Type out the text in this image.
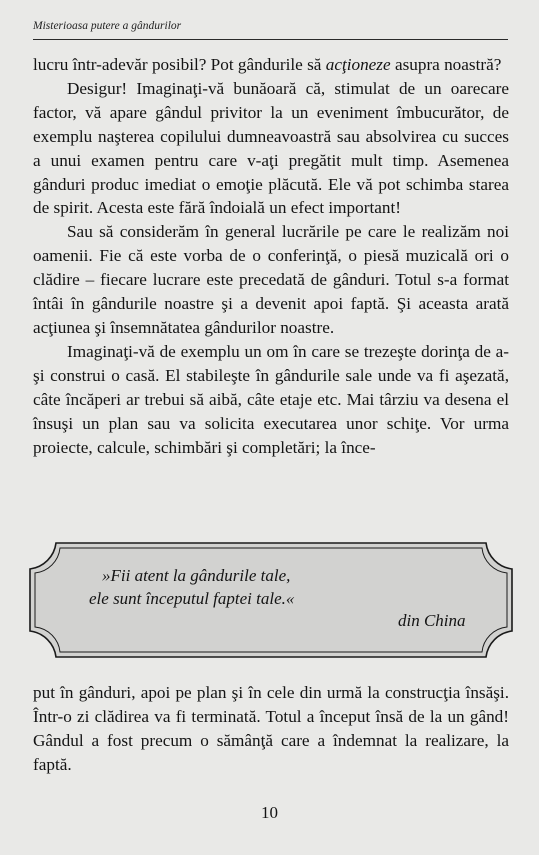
Misterioasa putere a gândurilor

lucru într-adevăr posibil? Pot gândurile să acţioneze asupra noastră?

Desigur! Imaginaţi-vă bunăoară că, stimulat de un oarecare factor, vă apare gândul privitor la un eveniment îmbucurător, de exemplu naşterea copilului dumneavoastră sau absolvirea cu succes a unui examen pentru care v-aţi pregătit mult timp. Asemenea gânduri produc imediat o emoţie plăcută. Ele vă pot schimba starea de spirit. Acesta este fără îndoială un efect important!

Sau să considerăm în general lucrările pe care le realizăm noi oamenii. Fie că este vorba de o conferinţă, o piesă muzicală ori o clădire – fiecare lucrare este precedată de gânduri. Totul s-a format întâi în gândurile noastre şi a devenit apoi faptă. Şi aceasta arată acţiunea şi însemnătatea gândurilor noastre.

Imaginaţi-vă de exemplu un om în care se trezeşte dorinţa de a-şi construi o casă. El stabileşte în gândurile sale unde va fi aşezată, câte încăperi ar trebui să aibă, câte etaje etc. Mai târziu va desena el însuşi un plan sau va solicita executarea unor schiţe. Vor urma proiecte, calcule, schimbări şi completări; la înce-

»Fii atent la gândurile tale,
ele sunt începutul faptei tale.«
din China

put în gânduri, apoi pe plan şi în cele din urmă la construcţia însăşi. Într-o zi clădirea va fi terminată. Totul a început însă de la un gând! Gândul a fost precum o sămânţă care a îndemnat la realizare, la faptă.

10
